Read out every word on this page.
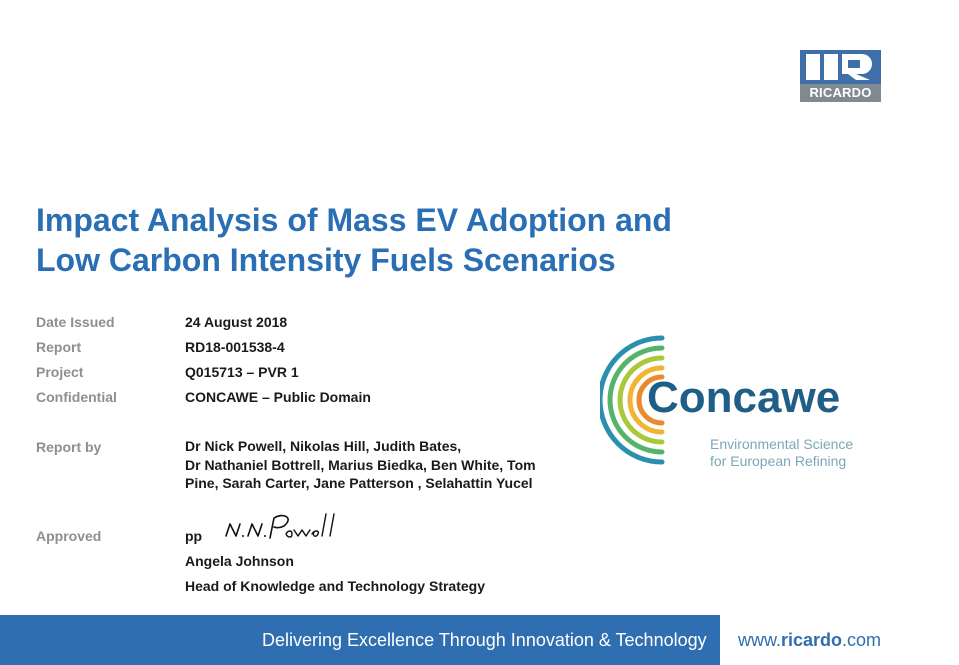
RICARDO
Impact Analysis of Mass EV Adoption and
Low Carbon Intensity Fuels Scenarios
Date Issued	24 August 2018
Report	RD18-001538-4
Project	Q015713 – PVR 1
Confidential	CONCAWE – Public Domain
Report by	Dr Nick Powell, Nikolas Hill, Judith Bates,
Dr Nathaniel Bottrell, Marius Biedka, Ben White, Tom
Pine, Sarah Carter, Jane Patterson , Selahattin Yucel
Approved	pp
Angela Johnson
Head of Knowledge and Technology Strategy
Concawe
Environmental Science
for European Refining
Delivering Excellence Through Innovation & Technology www.ricardo.com
